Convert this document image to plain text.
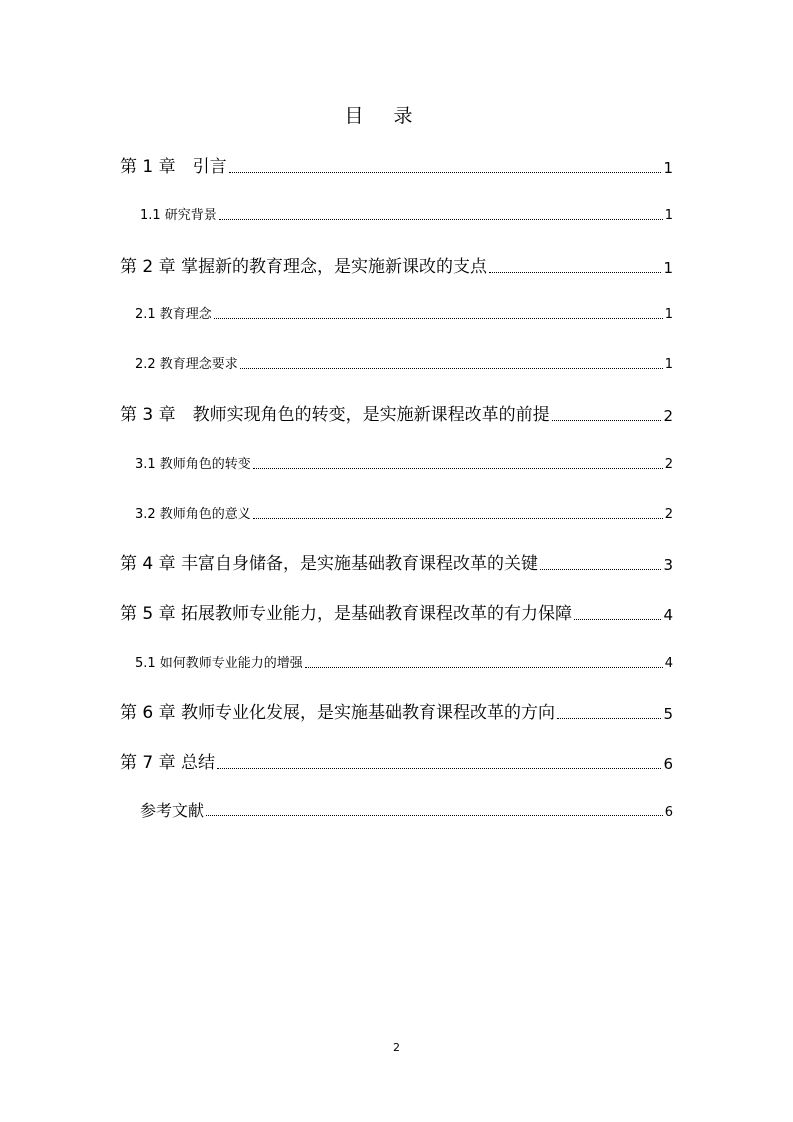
目 录
第 1 章　引言	1
1.1 研究背景	1
第 2 章 掌握新的教育理念，是实施新课改的支点	1
2.1 教育理念	1
2.2 教育理念要求	1
第 3 章　教师实现角色的转变，是实施新课程改革的前提	2
3.1 教师角色的转变	2
3.2 教师角色的意义	2
第 4 章 丰富自身储备，是实施基础教育课程改革的关键	3
第 5 章 拓展教师专业能力，是基础教育课程改革的有力保障	4
5.1 如何教师专业能力的增强	4
第 6 章 教师专业化发展，是实施基础教育课程改革的方向	5
第 7 章 总结	6
参考文献	6
2
